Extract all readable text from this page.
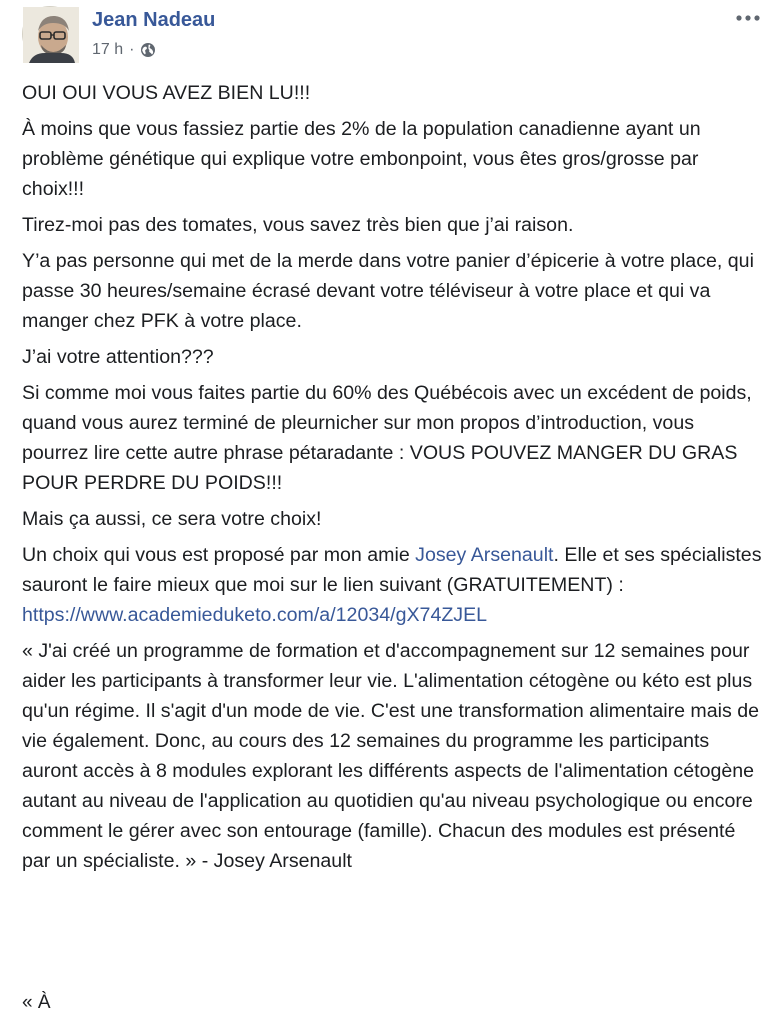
Jean Nadeau
17 h ·

OUI OUI VOUS AVEZ BIEN LU!!!

À moins que vous fassiez partie des 2% de la population canadienne ayant un problème génétique qui explique votre embonpoint, vous êtes gros/grosse par choix!!!

Tirez-moi pas des tomates, vous savez très bien que j’ai raison.

Y’a pas personne qui met de la merde dans votre panier d’épicerie à votre place, qui passe 30 heures/semaine écrasé devant votre téléviseur à votre place et qui va manger chez PFK à votre place.

J’ai votre attention???

Si comme moi vous faites partie du 60% des Québécois avec un excédent de poids, quand vous aurez terminé de pleurnicher sur mon propos d’introduction, vous pourrez lire cette autre phrase pétaradante : VOUS POUVEZ MANGER DU GRAS POUR PERDRE DU POIDS!!!

Mais ça aussi, ce sera votre choix!

Un choix qui vous est proposé par mon amie Josey Arsenault. Elle et ses spécialistes sauront le faire mieux que moi sur le lien suivant (GRATUITEMENT) :
https://www.academieduketo.com/a/12034/gX74ZJEL

« J'ai créé un programme de formation et d'accompagnement sur 12 semaines pour aider les participants à transformer leur vie. L'alimentation cétogène ou kéto est plus qu'un régime. Il s'agit d'un mode de vie. C'est une transformation alimentaire mais de vie également. Donc, au cours des 12 semaines du programme les participants auront accès à 8 modules explorant les différents aspects de l'alimentation cétogène autant au niveau de l'application au quotidien qu'au niveau psychologique ou encore comment le gérer avec son entourage (famille). Chacun des modules est présenté par un spécialiste. » - Josey Arsenault

« À
